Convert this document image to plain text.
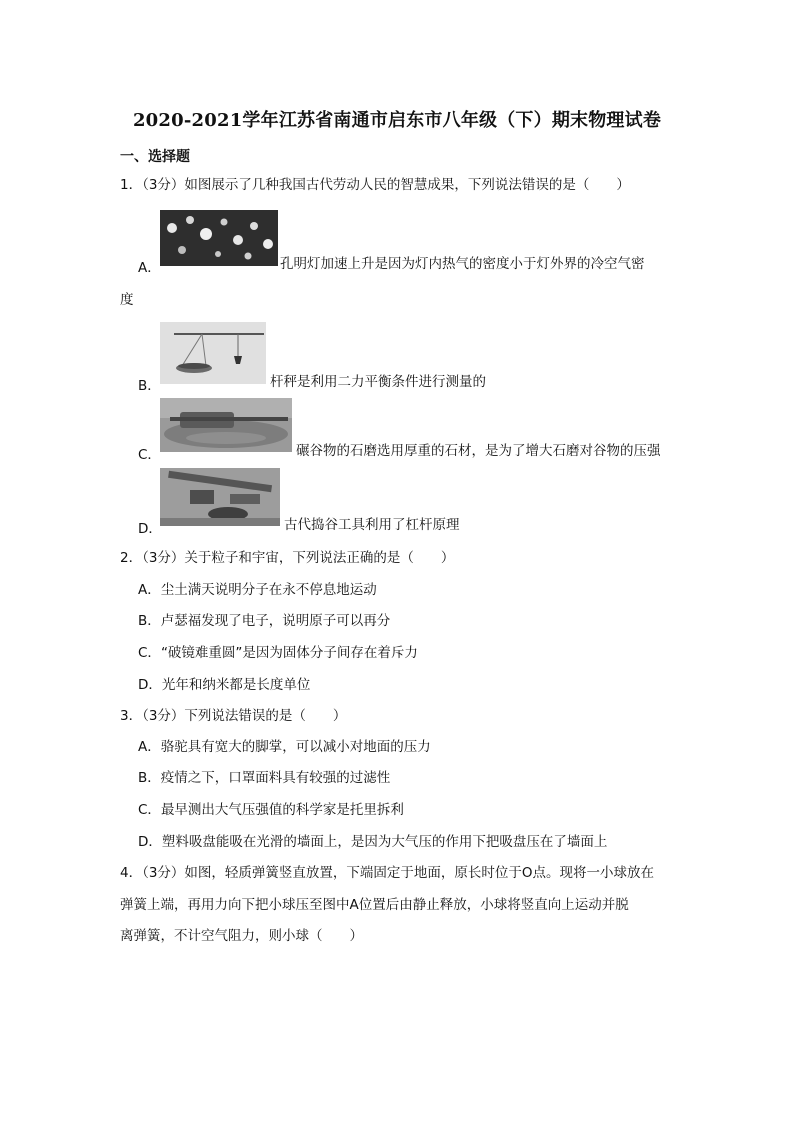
2020-2021学年江苏省南通市启东市八年级（下）期末物理试卷
一、选择题
1．（3分）如图展示了几种我国古代劳动人民的智慧成果，下列说法错误的是（　　）
A．	孔明灯加速上升是因为灯内热气的密度小于灯外界的冷空气密
度
B．	杆秤是利用二力平衡条件进行测量的
C．	碾谷物的石磨选用厚重的石材，是为了增大石磨对谷物的压强
D．	古代捣谷工具利用了杠杆原理
2．（3分）关于粒子和宇宙，下列说法正确的是（　　）
A．尘土满天说明分子在永不停息地运动
B．卢瑟福发现了电子，说明原子可以再分
C．“破镜难重圆”是因为固体分子间存在着斥力
D．光年和纳米都是长度单位
3．（3分）下列说法错误的是（　　）
A．骆驼具有宽大的脚掌，可以减小对地面的压力
B．疫情之下，口罩面料具有较强的过滤性
C．最早测出大气压强值的科学家是托里拆利
D．塑料吸盘能吸在光滑的墙面上，是因为大气压的作用下把吸盘压在了墙面上
4．（3分）如图，轻质弹簧竖直放置，下端固定于地面，原长时位于O点。现将一小球放在
弹簧上端，再用力向下把小球压至图中A位置后由静止释放，小球将竖直向上运动并脱
离弹簧，不计空气阻力，则小球（　　）
